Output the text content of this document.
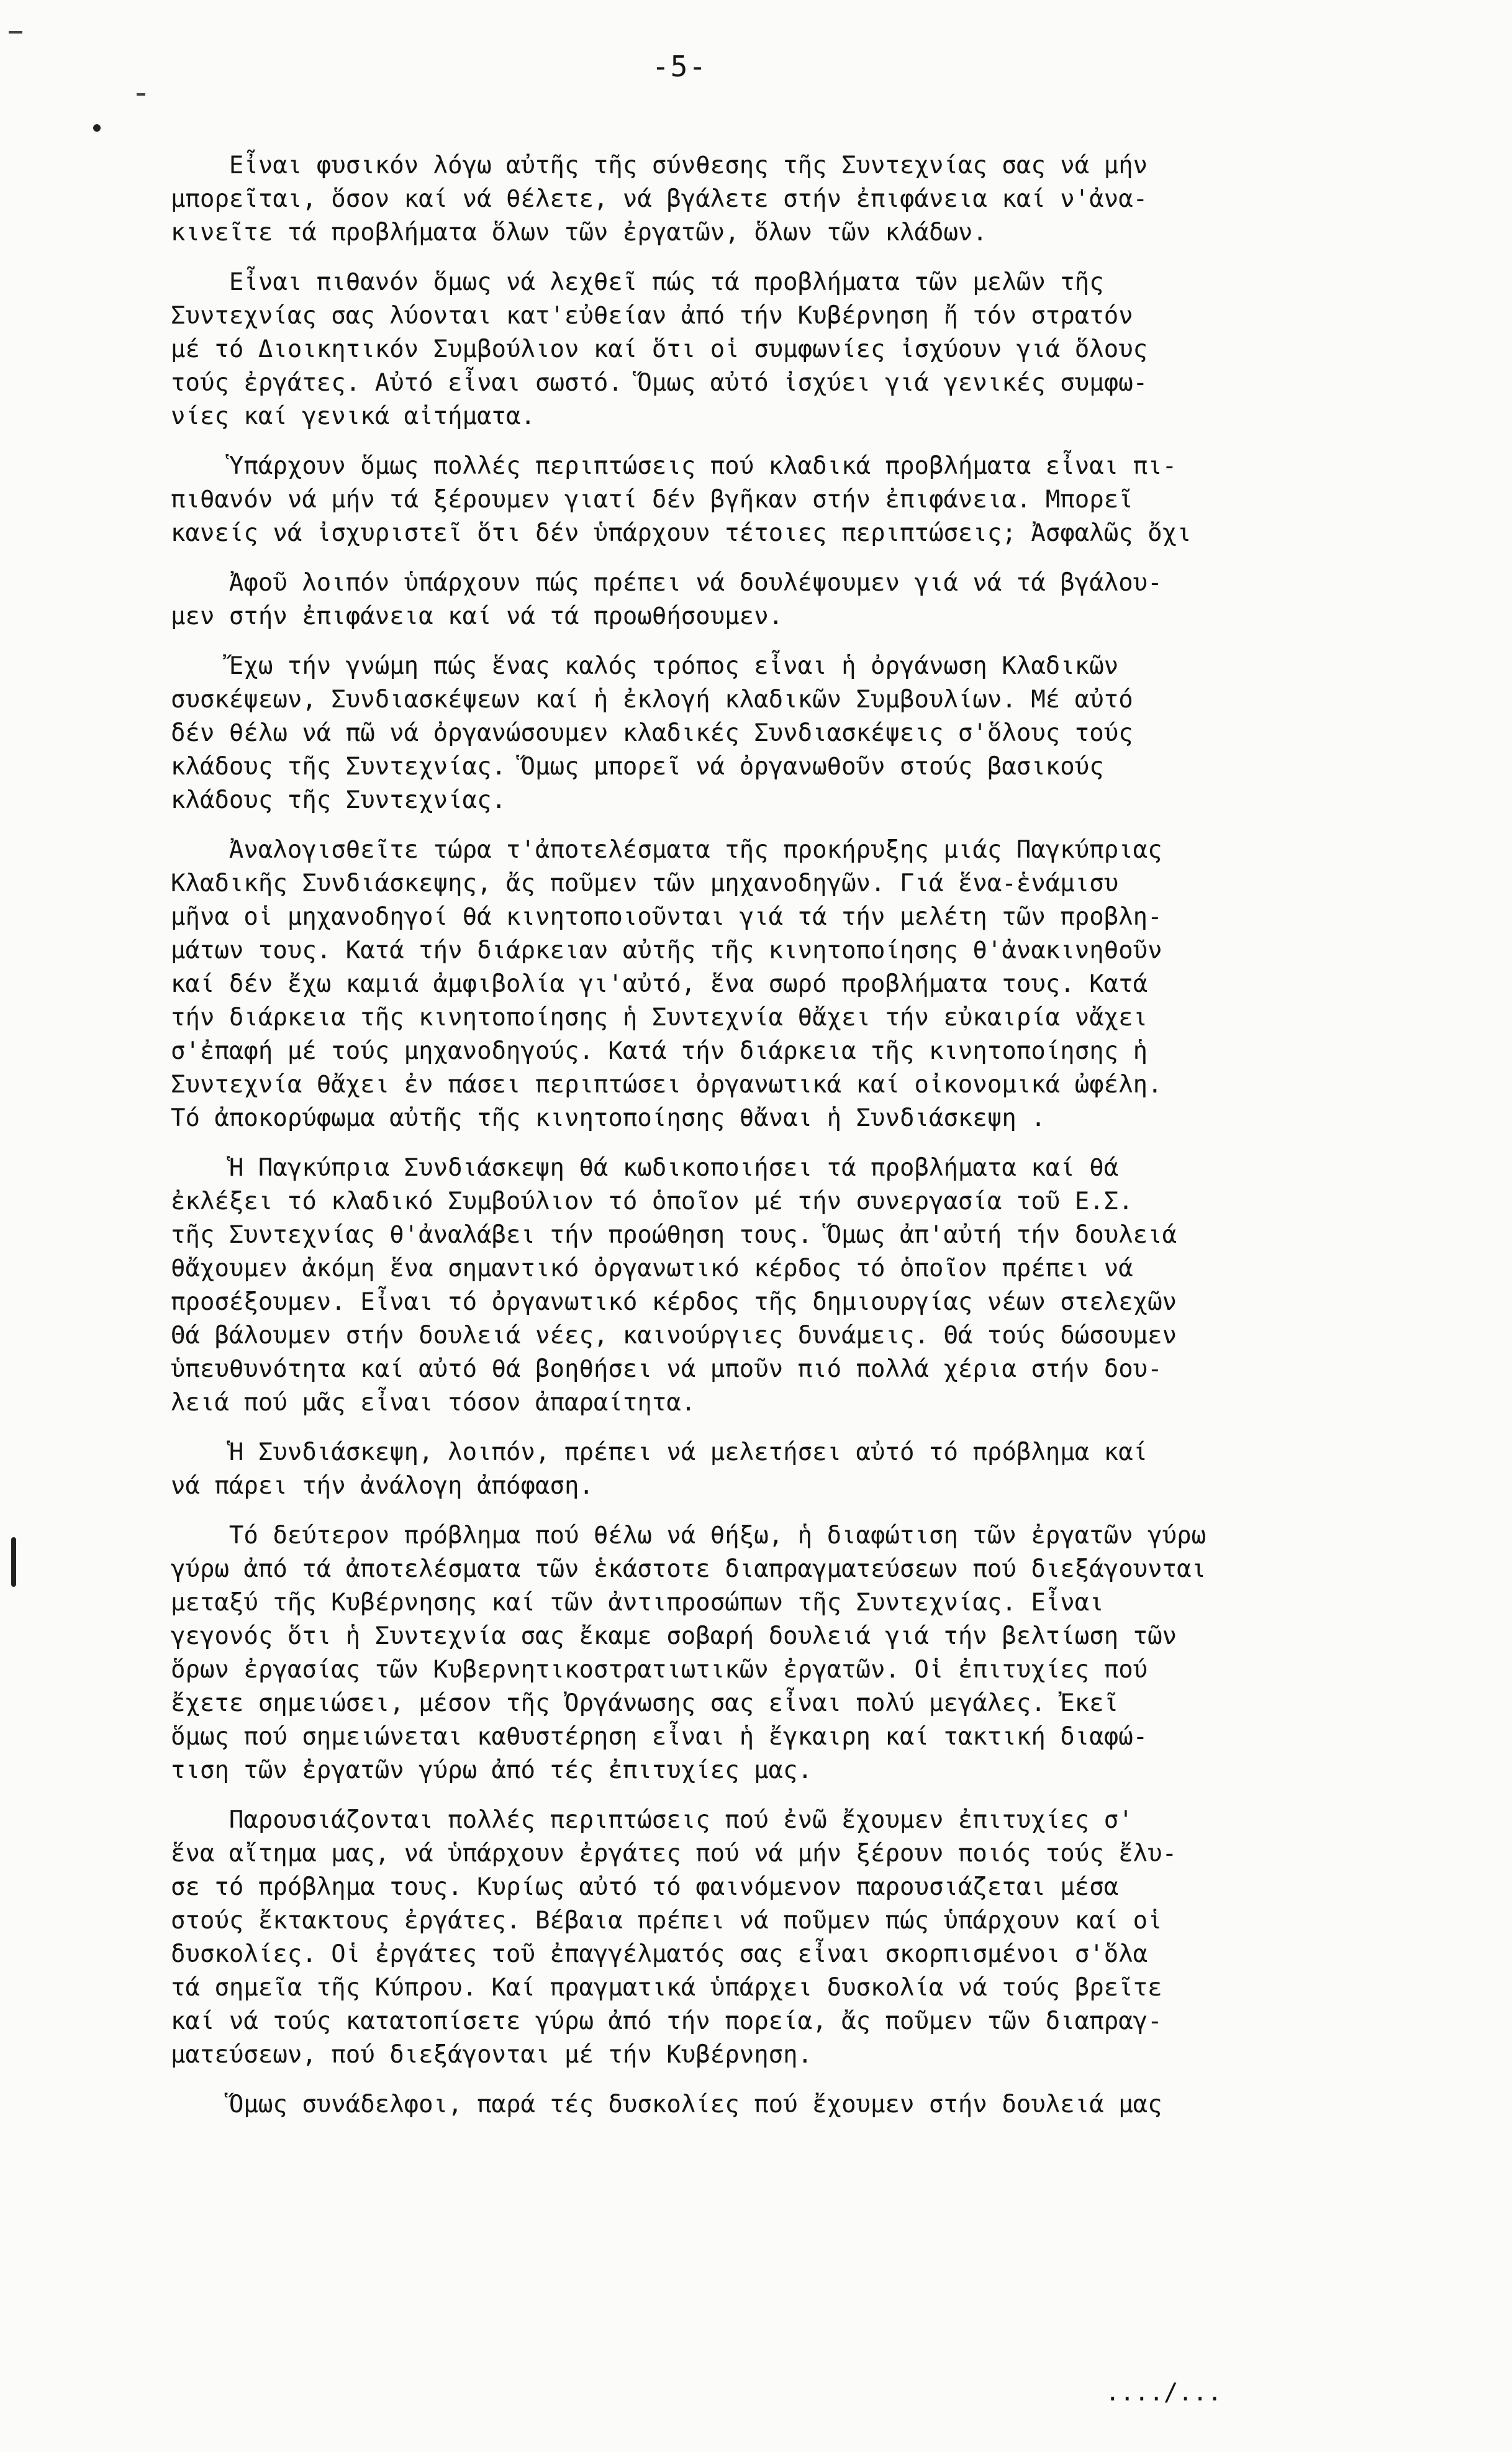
-5-

Εἶναι φυσικόν λόγω αὐτῆς τῆς σύνθεσης τῆς Συντεχνίας σας νά μήν
μπορεῖται, ὅσον καί νά θέλετε, νά βγάλετε στήν ἐπιφάνεια καί ν'ἀνα-
κινεῖτε τά προβλήματα ὅλων τῶν ἐργατῶν, ὅλων τῶν κλάδων.

Εἶναι πιθανόν ὅμως νά λεχθεῖ πώς τά προβλήματα τῶν μελῶν τῆς
Συντεχνίας σας λύονται κατ'εὐθείαν ἀπό τήν Κυβέρνηση ἤ τόν στρατόν
μέ τό Διοικητικόν Συμβούλιον καί ὅτι οἱ συμφωνίες ἰσχύουν γιά ὅλους
τούς ἐργάτες. Αὐτό εἶναι σωστό. Ὅμως αὐτό ἰσχύει γιά γενικές συμφω-
νίες καί γενικά αἰτήματα.

Ὑπάρχουν ὅμως πολλές περιπτώσεις πού κλαδικά προβλήματα εἶναι πι-
πιθανόν νά μήν τά ξέρουμεν γιατί δέν βγῆκαν στήν ἐπιφάνεια. Μπορεῖ
κανείς νά ἰσχυριστεῖ ὅτι δέν ὑπάρχουν τέτοιες περιπτώσεις; Ἀσφαλῶς ὄχι

Ἀφοῦ λοιπόν ὑπάρχουν πώς πρέπει νά δουλέψουμεν γιά νά τά βγάλου-
μεν στήν ἐπιφάνεια καί νά τά προωθήσουμεν.

Ἔχω τήν γνώμη πώς ἕνας καλός τρόπος εἶναι ἡ ὀργάνωση Κλαδικῶν
συσκέψεων, Συνδιασκέψεων καί ἡ ἐκλογή κλαδικῶν Συμβουλίων. Μέ αὐτό
δέν θέλω νά πῶ νά ὀργανώσουμεν κλαδικές Συνδιασκέψεις σ'ὅλους τούς
κλάδους τῆς Συντεχνίας. Ὅμως μπορεῖ νά ὀργανωθοῦν στούς βασικούς
κλάδους τῆς Συντεχνίας.

Ἀναλογισθεῖτε τώρα τ'ἀποτελέσματα τῆς προκήρυξης μιάς Παγκύπριας
Κλαδικῆς Συνδιάσκεψης, ἄς ποῦμεν τῶν μηχανοδηγῶν. Γιά ἕνα-ἑνάμισυ
μῆνα οἱ μηχανοδηγοί θά κινητοποιοῦνται γιά τά τήν μελέτη τῶν προβλη-
μάτων τους. Κατά τήν διάρκειαν αὐτῆς τῆς κινητοποίησης θ'ἀνακινηθοῦν
καί δέν ἔχω καμιά ἀμφιβολία γι'αὐτό, ἕνα σωρό προβλήματα τους. Κατά
τήν διάρκεια τῆς κινητοποίησης ἡ Συντεχνία θἄχει τήν εὐκαιρία νἄχει
σ'ἐπαφή μέ τούς μηχανοδηγούς. Κατά τήν διάρκεια τῆς κινητοποίησης ἡ
Συντεχνία θἄχει ἐν πάσει περιπτώσει ὀργανωτικά καί οἰκονομικά ὠφέλη.
Τό ἀποκορύφωμα αὐτῆς τῆς κινητοποίησης θἄναι ἡ Συνδιάσκεψη .

Ἡ Παγκύπρια Συνδιάσκεψη θά κωδικοποιήσει τά προβλήματα καί θά
ἐκλέξει τό κλαδικό Συμβούλιον τό ὁποῖον μέ τήν συνεργασία τοῦ Ε.Σ.
τῆς Συντεχνίας θ'ἀναλάβει τήν προώθηση τους. Ὅμως ἀπ'αὐτή τήν δουλειά
θἄχουμεν ἀκόμη ἕνα σημαντικό ὀργανωτικό κέρδος τό ὁποῖον πρέπει νά
προσέξουμεν. Εἶναι τό ὀργανωτικό κέρδος τῆς δημιουργίας νέων στελεχῶν
Θά βάλουμεν στήν δουλειά νέες, καινούργιες δυνάμεις. Θά τούς δώσουμεν
ὑπευθυνότητα καί αὐτό θά βοηθήσει νά μποῦν πιό πολλά χέρια στήν δου-
λειά πού μᾶς εἶναι τόσον ἀπαραίτητα.

Ἡ Συνδιάσκεψη, λοιπόν, πρέπει νά μελετήσει αὐτό τό πρόβλημα καί
νά πάρει τήν ἀνάλογη ἀπόφαση.

Τό δεύτερον πρόβλημα πού θέλω νά θήξω, ἡ διαφώτιση τῶν ἐργατῶν γύρω
γύρω ἀπό τά ἀποτελέσματα τῶν ἑκάστοτε διαπραγματεύσεων πού διεξάγουνται
μεταξύ τῆς Κυβέρνησης καί τῶν ἀντιπροσώπων τῆς Συντεχνίας. Εἶναι
γεγονός ὅτι ἡ Συντεχνία σας ἔκαμε σοβαρή δουλειά γιά τήν βελτίωση τῶν
ὅρων ἐργασίας τῶν Κυβερνητικοστρατιωτικῶν ἐργατῶν. Οἱ ἐπιτυχίες πού
ἔχετε σημειώσει, μέσον τῆς Ὀργάνωσης σας εἶναι πολύ μεγάλες. Ἐκεῖ
ὅμως πού σημειώνεται καθυστέρηση εἶναι ἡ ἔγκαιρη καί τακτική διαφώ-
τιση τῶν ἐργατῶν γύρω ἀπό τές ἐπιτυχίες μας.

Παρουσιάζονται πολλές περιπτώσεις πού ἐνῶ ἔχουμεν ἐπιτυχίες σ'
ἕνα αἴτημα μας, νά ὑπάρχουν ἐργάτες πού νά μήν ξέρουν ποιός τούς ἔλυ-
σε τό πρόβλημα τους. Κυρίως αὐτό τό φαινόμενον παρουσιάζεται μέσα
στούς ἔκτακτους ἐργάτες. Βέβαια πρέπει νά ποῦμεν πώς ὑπάρχουν καί οἱ
δυσκολίες. Οἱ ἐργάτες τοῦ ἐπαγγέλματός σας εἶναι σκορπισμένοι σ'ὅλα
τά σημεῖα τῆς Κύπρου. Καί πραγματικά ὑπάρχει δυσκολία νά τούς βρεῖτε
καί νά τούς κατατοπίσετε γύρω ἀπό τήν πορεία, ἄς ποῦμεν τῶν διαπραγ-
ματεύσεων, πού διεξάγονται μέ τήν Κυβέρνηση.

Ὅμως συνάδελφοι, παρά τές δυσκολίες πού ἔχουμεν στήν δουλειά μας

..../...
